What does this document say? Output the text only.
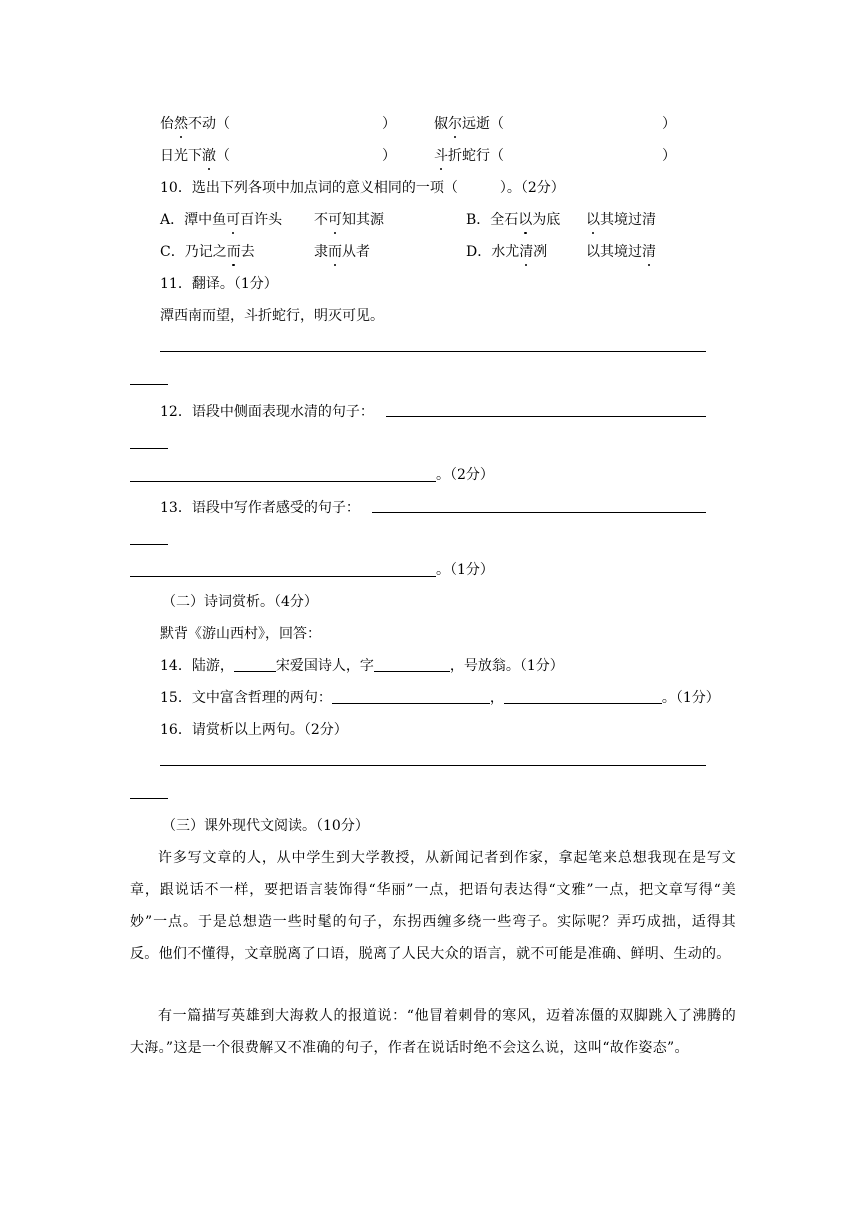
佁然不动（	）	俶尔远逝（	）
日光下澈（	）	斗折蛇行（	）
10．选出下列各项中加点词的意义相同的一项（　　　）。（2分）
A．潭中鱼可百许头 不可知其源	B．全石以为底 以其境过清
C．乃记之而去	隶而从者	D．水尤清冽	以其境过清
11．翻译。（1分）
潭西南而望，斗折蛇行，明灭可见。
12．语段中侧面表现水清的句子：
。（2分）
13．语段中写作者感受的句子：
。（1分）
（二）诗词赏析。（4分）
默背《游山西村》，回答：
14．陆游，	宋爱国诗人，字	，号放翁。（1分）
15．文中富含哲理的两句：	，	。（1分）
16．请赏析以上两句。（2分）
（三）课外现代文阅读。（10分）
许多写文章的人，从中学生到大学教授，从新闻记者到作家，拿起笔来总想我现在是写文章，跟说话不一样，要把语言装饰得“华丽”一点，把语句表达得“文雅”一点，把文章写得“美妙”一点。于是总想造一些时髦的句子，东拐西缠多绕一些弯子。实际呢？弄巧成拙，适得其反。他们不懂得，文章脱离了口语，脱离了人民大众的语言，就不可能是准确、鲜明、生动的。
有一篇描写英雄到大海救人的报道说：“他冒着刺骨的寒风，迈着冻僵的双脚跳入了沸腾的大海。”这是一个很费解又不准确的句子，作者在说话时绝不会这么说，这叫“故作姿态”。
